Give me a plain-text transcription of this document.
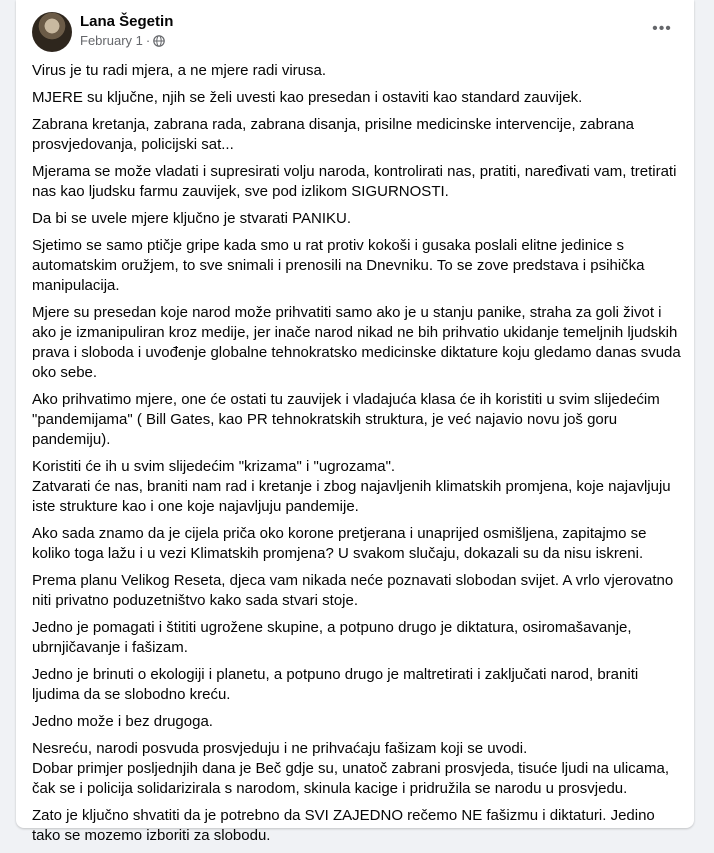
Lana Šegetin
February 1 ·
•••

Virus je tu radi mjera, a ne mjere radi virusa.

MJERE su ključne, njih se želi uvesti kao presedan i ostaviti kao standard zauvijek.

Zabrana kretanja, zabrana rada, zabrana disanja, prisilne medicinske intervencije, zabrana prosvjedovanja, policijski sat...

Mjerama se može vladati i supresirati volju naroda, kontrolirati nas, pratiti, naređivati vam, tretirati nas kao ljudsku farmu zauvijek, sve pod izlikom SIGURNOSTI.

Da bi se uvele mjere ključno je stvarati PANIKU.

Sjetimo se samo ptičje gripe kada smo u rat protiv kokoši i gusaka poslali elitne jedinice s automatskim oružjem, to sve snimali i prenosili na Dnevniku. To se zove predstava i psihička manipulacija.

Mjere su presedan koje narod može prihvatiti samo ako je u stanju panike, straha za goli život i ako je izmanipuliran kroz medije, jer inače narod nikad ne bih prihvatio ukidanje temeljnih ljudskih prava i sloboda i uvođenje globalne tehnokratsko medicinske diktature koju gledamo danas svuda oko sebe.

Ako prihvatimo mjere, one će ostati tu zauvijek i vladajuća klasa će ih koristiti u svim slijedećim "pandemijama" ( Bill Gates, kao PR tehnokratskih struktura, je već najavio novu još goru pandemiju).

Koristiti će ih u svim slijedećim "krizama" i "ugrozama".

Zatvarati će nas, braniti nam rad i kretanje i zbog najavljenih klimatskih promjena, koje najavljuju iste strukture kao i one koje najavljuju pandemije.

Ako sada znamo da je cijela priča oko korone pretjerana i unaprijed osmišljena, zapitajmo se koliko toga lažu i u vezi Klimatskih promjena? U svakom slučaju, dokazali su da nisu iskreni.

Prema planu Velikog Reseta, djeca vam nikada neće poznavati slobodan svijet. A vrlo vjerovatno niti privatno poduzetništvo kako sada stvari stoje.

Jedno je pomagati i štititi ugrožene skupine, a potpuno drugo je diktatura, osiromašavanje, ubrnjičavanje i fašizam.

Jedno je brinuti o ekologiji i planetu, a potpuno drugo je maltretirati i zaključati narod, braniti ljudima da se slobodno kreću.

Jedno može i bez drugoga.

Nesreću, narodi posvuda prosvjeduju i ne prihvaćaju fašizam koji se uvodi.

Dobar primjer posljednjih dana je Beč gdje su, unatoč zabrani prosvjeda, tisuće ljudi na ulicama, čak se i policija solidarizirala s narodom, skinula kacige i pridružila se narodu u prosvjedu.

Zato je ključno shvatiti da je potrebno da SVI ZAJEDNO rečemo NE fašizmu i diktaturi. Jedino tako se mozemo izboriti za slobodu.
